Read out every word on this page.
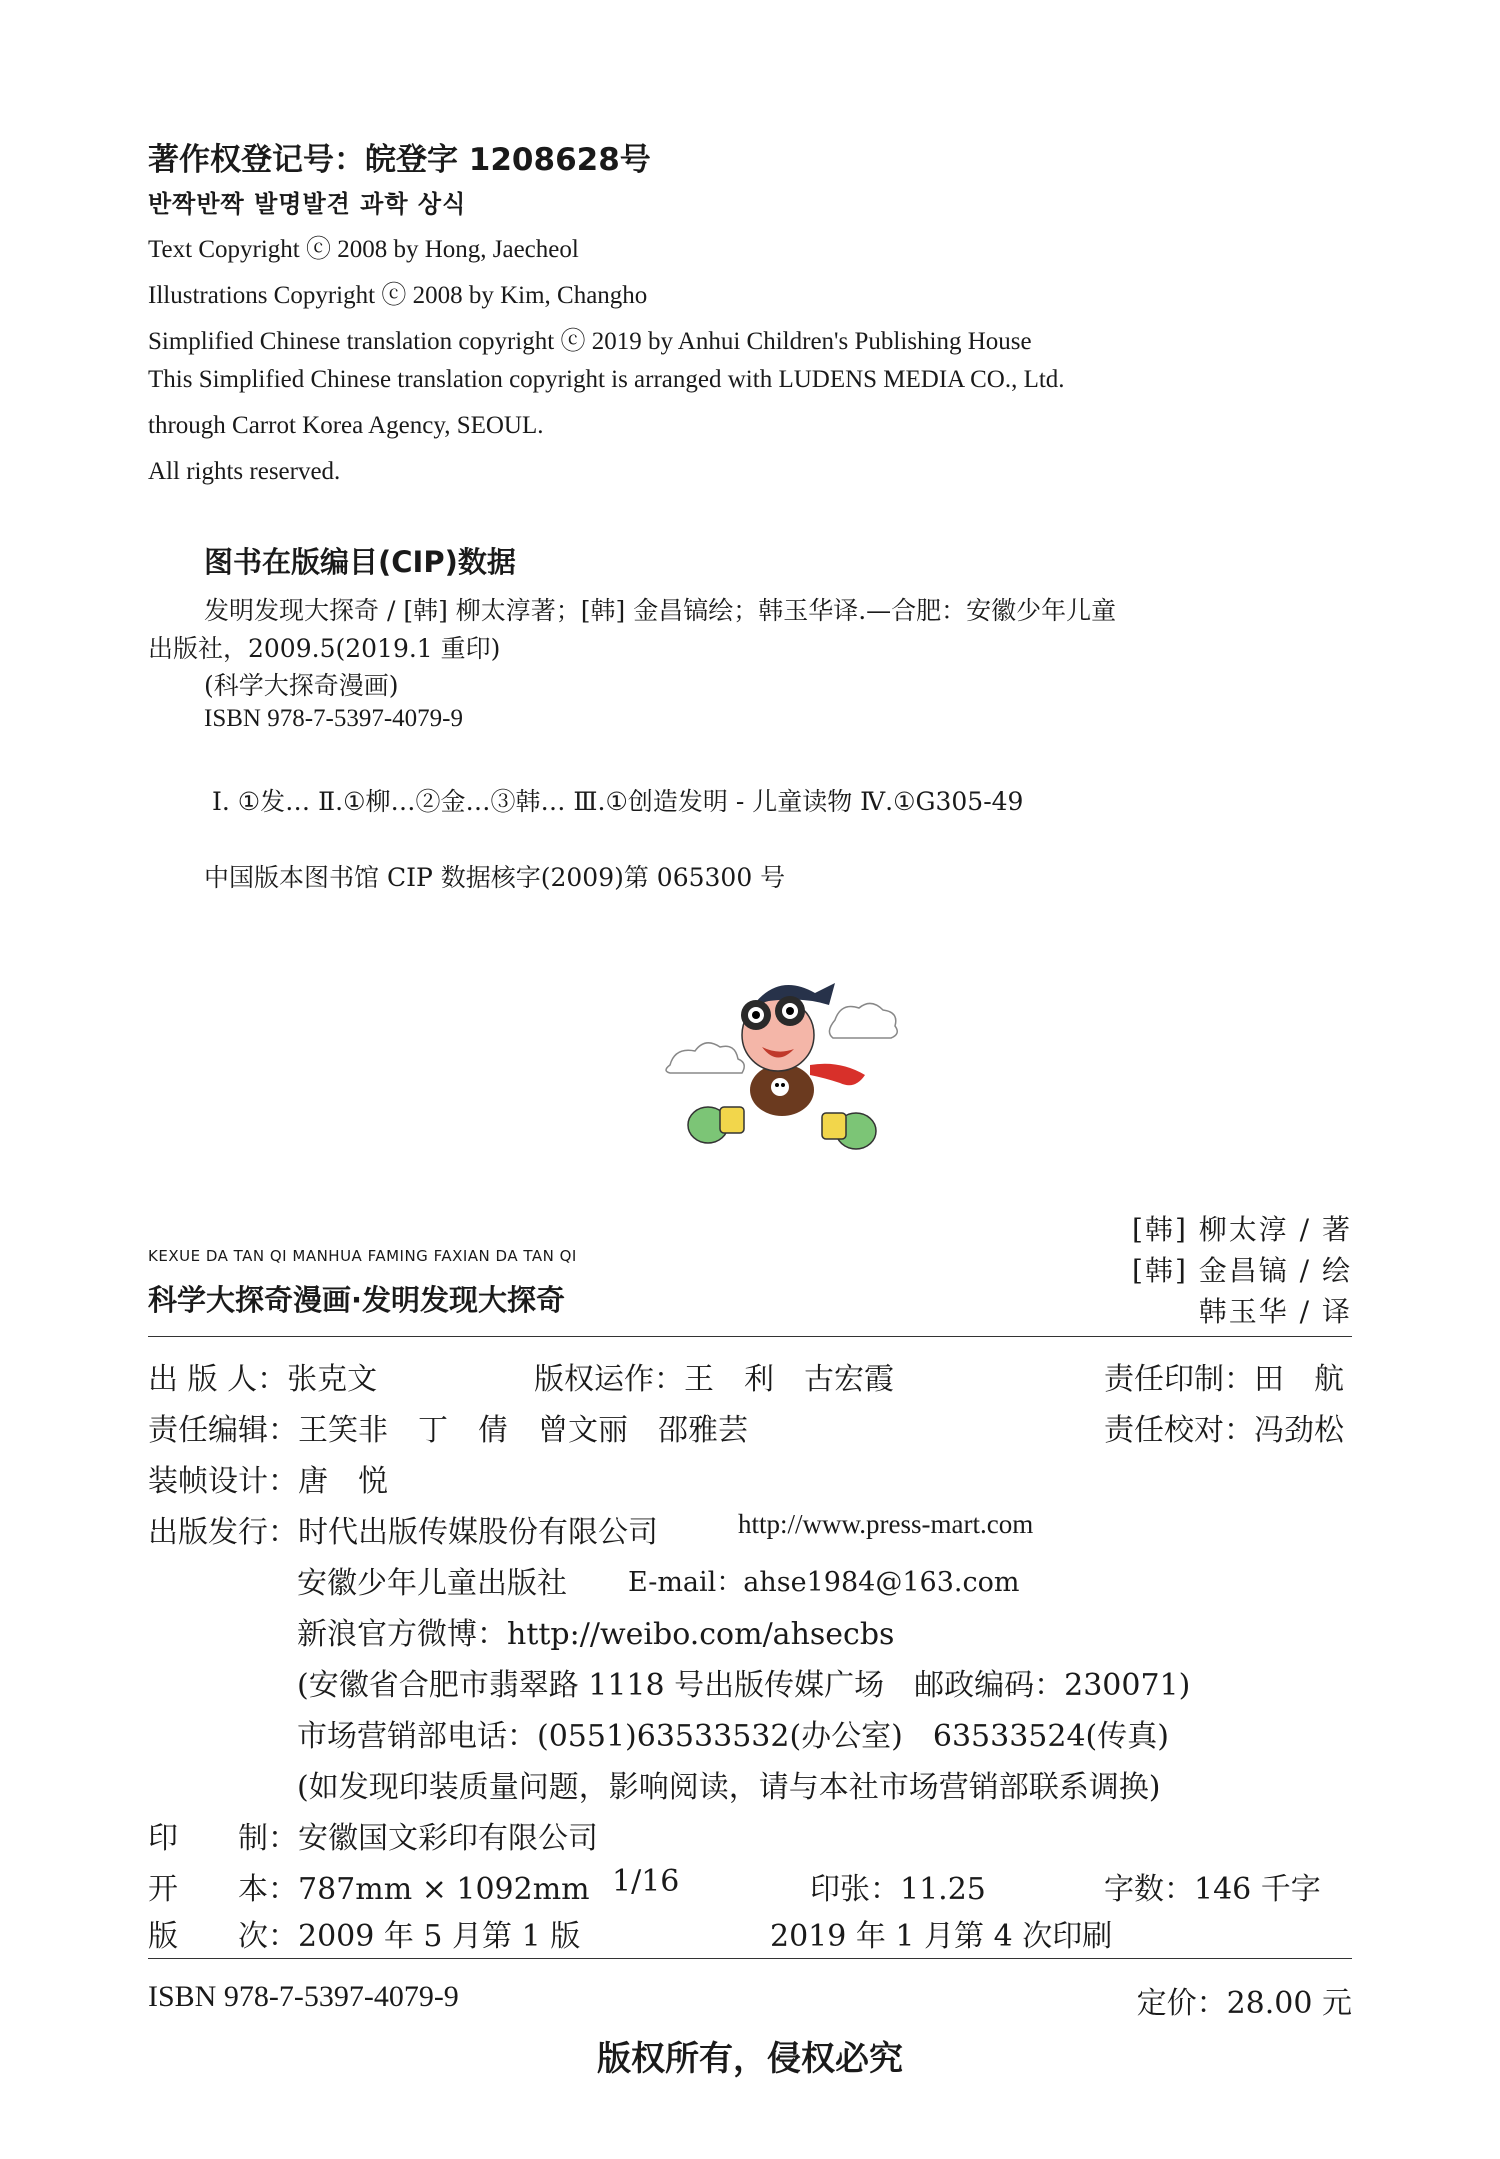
著作权登记号：皖登字 1208628号
반짝반짝 발명발견 과학 상식
Text Copyright ⓒ 2008 by Hong, Jaecheol
Illustrations Copyright ⓒ 2008 by Kim, Changho
Simplified Chinese translation copyright ⓒ 2019 by Anhui Children's Publishing House
This Simplified Chinese translation copyright is arranged with LUDENS MEDIA CO., Ltd.
through Carrot Korea Agency, SEOUL.
All rights reserved.
图书在版编目(CIP)数据
发明发现大探奇 / [韩] 柳太淳著；[韩] 金昌镐绘；韩玉华译.—合肥：安徽少年儿童
出版社，2009.5(2019.1 重印)
(科学大探奇漫画)
ISBN 978-7-5397-4079-9
Ⅰ. ①发… Ⅱ.①柳…②金…③韩… Ⅲ.①创造发明 - 儿童读物 Ⅳ.①G305-49
中国版本图书馆 CIP 数据核字(2009)第 065300 号
KEXUE DA TAN QI MANHUA FAMING FAXIAN DA TAN QI
科学大探奇漫画·发明发现大探奇
[韩] 柳太淳 / 著
[韩] 金昌镐 / 绘
韩玉华 / 译
出 版 人：张克文	版权运作：王　利　古宏霞	责任印制：田　航
责任编辑：王笑非　丁　倩　曾文丽　邵雅芸	责任校对：冯劲松
装帧设计：唐　悦
出版发行：时代出版传媒股份有限公司	http://www.press-mart.com
安徽少年儿童出版社 E-mail：ahse1984@163.com
新浪官方微博：http://weibo.com/ahsecbs
(安徽省合肥市翡翠路 1118 号出版传媒广场　邮政编码：230071)
市场营销部电话：(0551)63533532(办公室)　63533524(传真)
(如发现印装质量问题，影响阅读，请与本社市场营销部联系调换)
印　　制：安徽国文彩印有限公司
开　　本：787mm × 1092mm 1/16	印张：11.25	字数：146 千字
版　　次：2009 年 5 月第 1 版	2019 年 1 月第 4 次印刷
ISBN 978-7-5397-4079-9	定价：28.00 元
版权所有，侵权必究
